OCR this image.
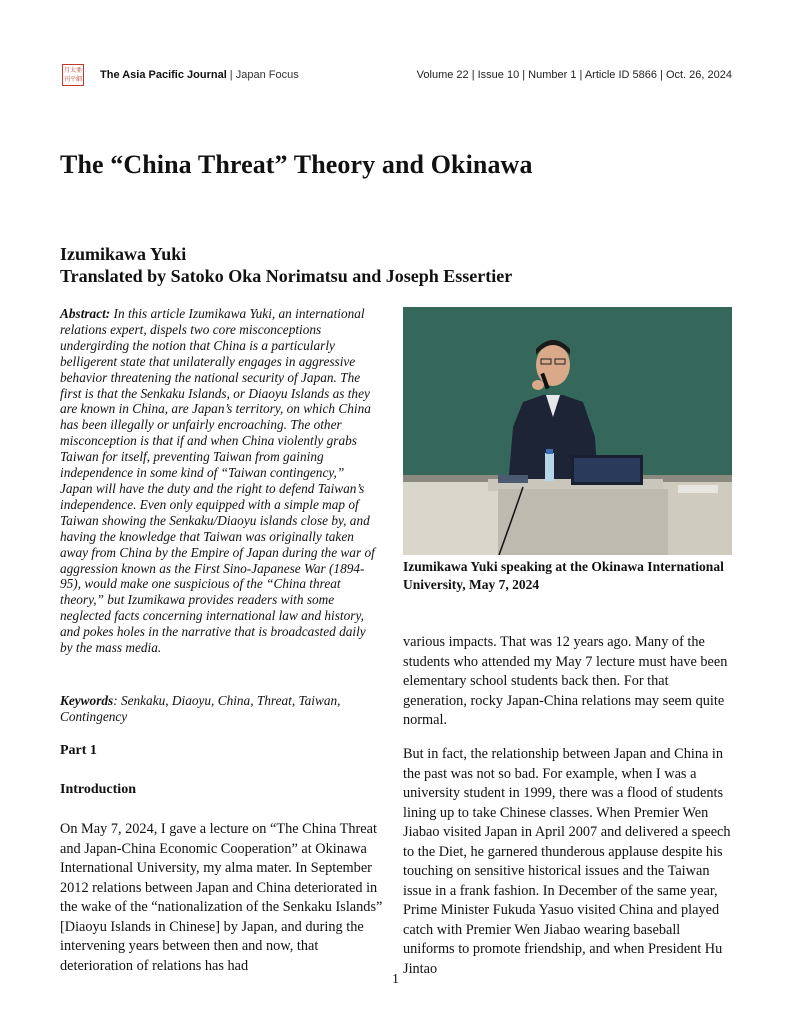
月 太 亜
刊 平 細 The Asia Pacific Journal | Japan Focus	Volume 22 | Issue 10 | Number 1 | Article ID 5866 | Oct. 26, 2024
The “China Threat” Theory and Okinawa
Izumikawa Yuki
Translated by Satoko Oka Norimatsu and Joseph Essertier

Abstract: In this article Izumikawa Yuki, an international relations expert, dispels two core misconceptions undergirding the notion that China is a particularly belligerent state that unilaterally engages in aggressive behavior threatening the national security of Japan. The first is that the Senkaku Islands, or Diaoyu Islands as they are known in China, are Japan’s territory, on which China has been illegally or unfairly encroaching. The other misconception is that if and when China violently grabs Taiwan for itself, preventing Taiwan from gaining independence in some kind of “Taiwan contingency,” Japan will have the duty and the right to defend Taiwan’s independence. Even only equipped with a simple map of Taiwan showing the Senkaku/Diaoyu islands close by, and having the knowledge that Taiwan was originally taken away from China by the Empire of Japan during the war of aggression known as the First Sino-Japanese War (1894-95), would make one suspicious of the “China threat theory,” but Izumikawa provides readers with some neglected facts concerning international law and history, and pokes holes in the narrative that is broadcasted daily by the mass media.

Keywords: Senkaku, Diaoyu, China, Threat, Taiwan, Contingency

Part 1
Introduction

On May 7, 2024, I gave a lecture on “The China Threat and Japan-China Economic Cooperation” at Okinawa International University, my alma mater. In September 2012 relations between Japan and China deteriorated in the wake of the “nationalization of the Senkaku Islands” [Diaoyu Islands in Chinese] by Japan, and during the intervening years between then and now, that deterioration of relations has had

Izumikawa Yuki speaking at the Okinawa International University, May 7, 2024

various impacts. That was 12 years ago. Many of the students who attended my May 7 lecture must have been elementary school students back then. For that generation, rocky Japan-China relations may seem quite normal.

But in fact, the relationship between Japan and China in the past was not so bad. For example, when I was a university student in 1999, there was a flood of students lining up to take Chinese classes. When Premier Wen Jiabao visited Japan in April 2007 and delivered a speech to the Diet, he garnered thunderous applause despite his touching on sensitive historical issues and the Taiwan issue in a frank fashion. In December of the same year, Prime Minister Fukuda Yasuo visited China and played catch with Premier Wen Jiabao wearing baseball uniforms to promote friendship, and when President Hu Jintao

1
